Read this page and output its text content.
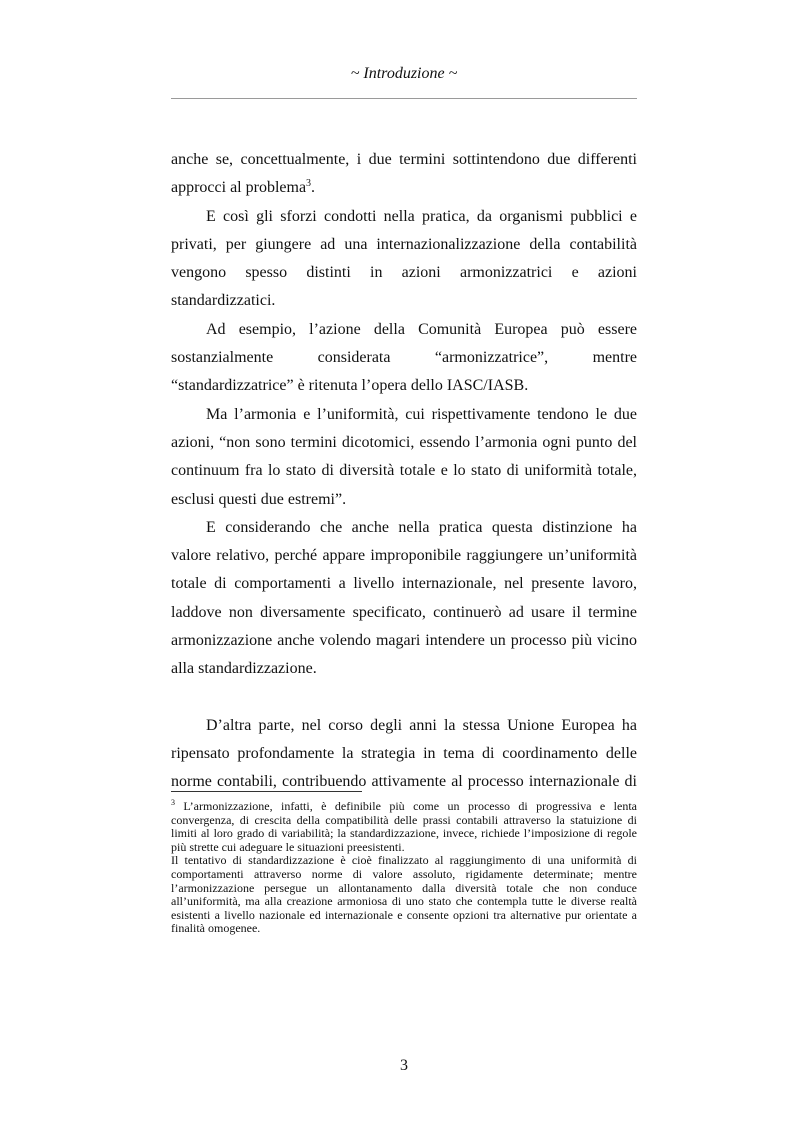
~ Introduzione ~

anche se, concettualmente, i due termini sottintendono due differenti approcci al problema$^3$.

E così gli sforzi condotti nella pratica, da organismi pubblici e privati, per giungere ad una internazionalizzazione della contabilità vengono spesso distinti in azioni armonizzatrici e azioni standardizzatici.

Ad esempio, l’azione della Comunità Europea può essere sostanzialmente considerata “armonizzatrice”, mentre “standardizzatrice” è ritenuta l’opera dello IASC/IASB.

Ma l’armonia e l’uniformità, cui rispettivamente tendono le due azioni, “non sono termini dicotomici, essendo l’armonia ogni punto del continuum fra lo stato di diversità totale e lo stato di uniformità totale, esclusi questi due estremi”.

E considerando che anche nella pratica questa distinzione ha valore relativo, perché appare improponibile raggiungere un’uniformità totale di comportamenti a livello internazionale, nel presente lavoro, laddove non diversamente specificato, continuerò ad usare il termine armonizzazione anche volendo magari intendere un processo più vicino alla standardizzazione.

D’altra parte, nel corso degli anni la stessa Unione Europea ha ripensato profondamente la strategia in tema di coordinamento delle norme contabili, contribuendo attivamente al processo internazionale di

$^3$ L’armonizzazione, infatti, è definibile più come un processo di progressiva e lenta convergenza, di crescita della compatibilità delle prassi contabili attraverso la statuizione di limiti al loro grado di variabilità; la standardizzazione, invece, richiede l’imposizione di regole più strette cui adeguare le situazioni preesistenti.

Il tentativo di standardizzazione è cioè finalizzato al raggiungimento di una uniformità di comportamenti attraverso norme di valore assoluto, rigidamente determinate; mentre l’armonizzazione persegue un allontanamento dalla diversità totale che non conduce all’uniformità, ma alla creazione armoniosa di uno stato che contempla tutte le diverse realtà esistenti a livello nazionale ed internazionale e consente opzioni tra alternative pur orientate a finalità omogenee.

3
